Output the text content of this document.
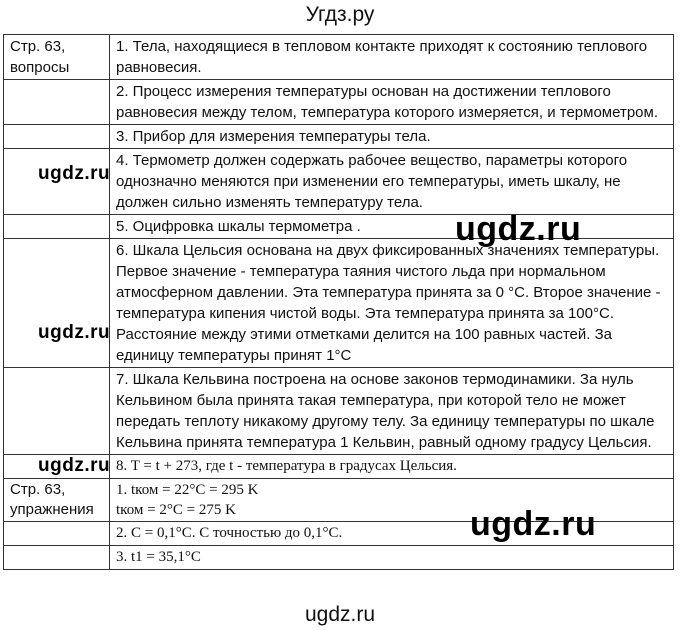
Угдз.ру
Стр. 63, вопросы	1. Тела, находящиеся в тепловом контакте приходят к состоянию теплового равновесия.
	2. Процесс измерения температуры основан на достижении теплового равновесия между телом, температура которого измеряется, и термометром.
	3. Прибор для измерения температуры тела.
	4. Термометр должен содержать рабочее вещество, параметры которого однозначно меняются при изменении его температуры, иметь шкалу, не должен сильно изменять температуру тела.
	5. Оцифровка шкалы термометра .
	6. Шкала Цельсия основана на двух фиксированных значениях температуры. Первое значение - температура таяния чистого льда при нормальном атмосферном давлении. Эта температура принята за 0 °C. Второе значение - температура кипения чистой воды. Эта температура принята за 100°C. Расстояние между этими отметками делится на 100 равных частей. За единицу температуры принят 1°C
	7. Шкала Кельвина построена на основе законов термодинамики. За нуль Кельвином была принята такая температура, при которой тело не может передать теплоту никакому другому телу. За единицу температуры по шкале Кельвина принята температура 1 Кельвин, равный одному градусу Цельсия.
	8. T = t + 273, где t - температура в градусах Цельсия.
Стр. 63, упражнения	1. tком = 22°C = 295 K
tком = 2°C = 275 K

	2. C = 0,1°C. С точностью до 0,1°C.
	3. t1 = 35,1°C
ugdz.ru
ugdz.ru
ugdz.ru
ugdz.ru
ugdz.ru
ugdz.ru
